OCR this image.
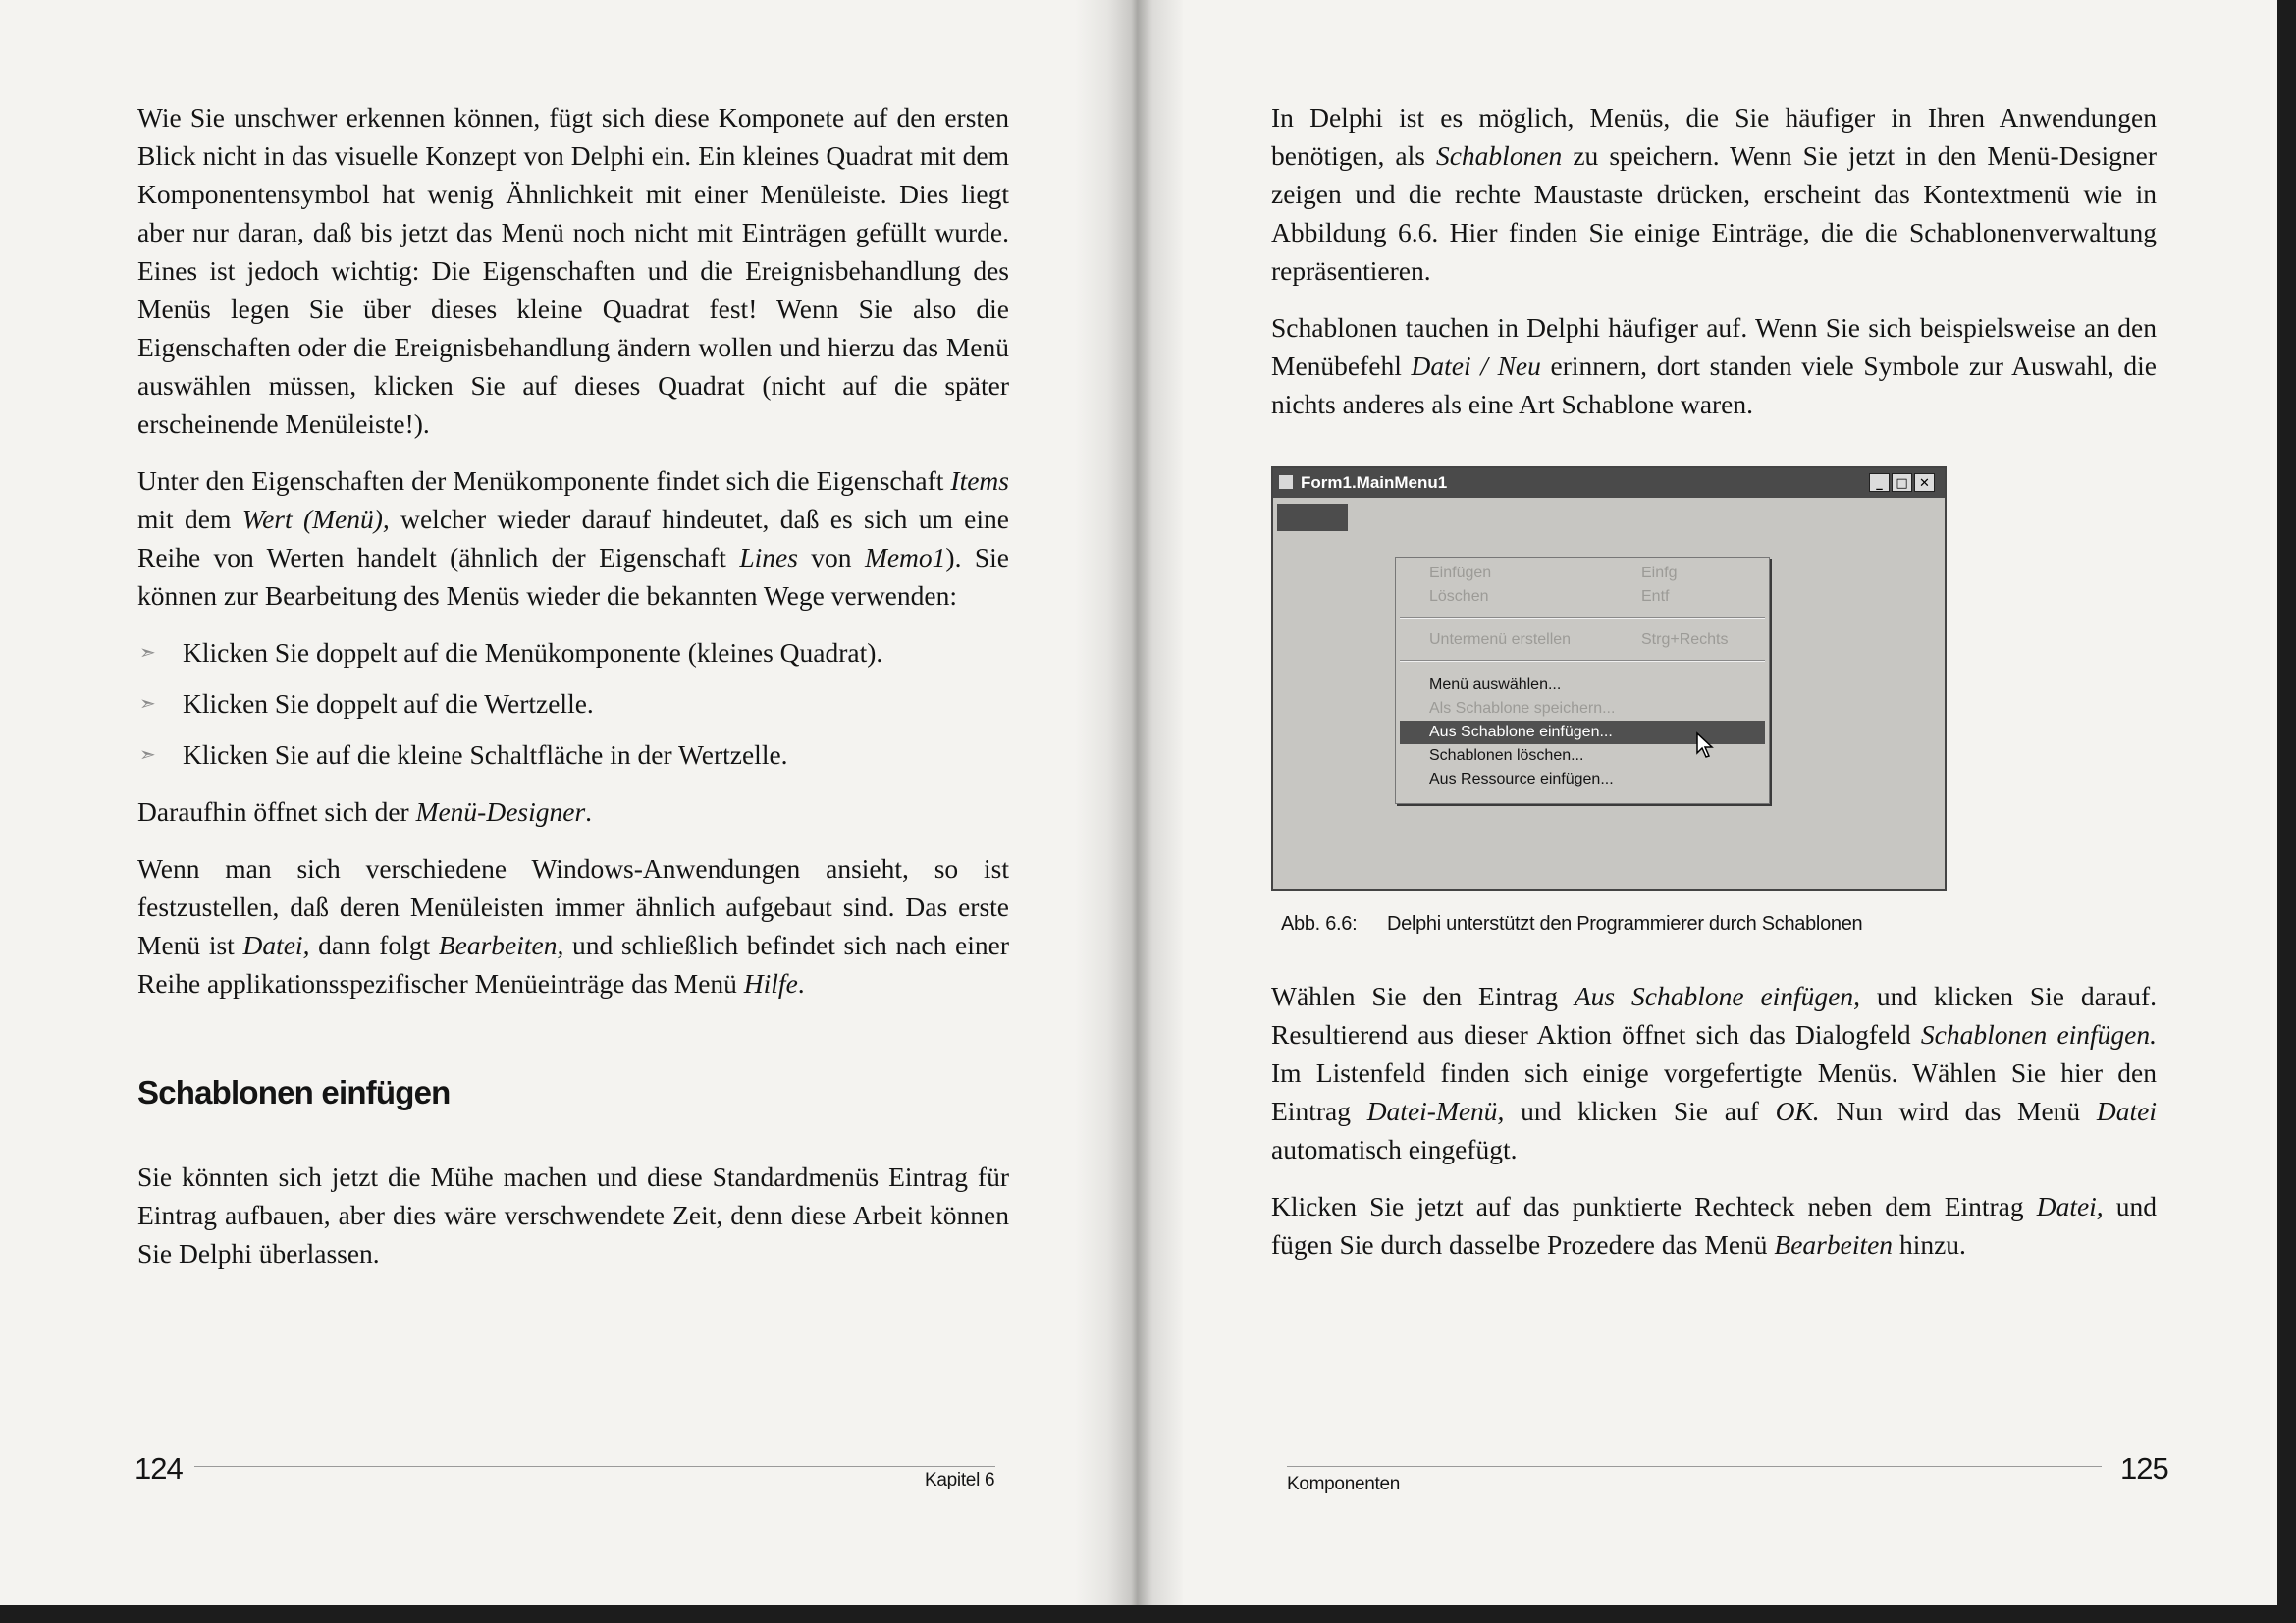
Wie Sie unschwer erkennen können, fügt sich diese Komponete auf den ersten Blick nicht in das visuelle Konzept von Delphi ein. Ein kleines Quadrat mit dem Komponentensymbol hat wenig Ähnlichkeit mit einer Menüleiste. Dies liegt aber nur daran, daß bis jetzt das Menü noch nicht mit Einträgen gefüllt wurde. Eines ist jedoch wichtig: Die Eigenschaften und die Ereignisbehandlung des Menüs legen Sie über dieses kleine Quadrat fest! Wenn Sie also die Eigenschaften oder die Ereignisbehandlung ändern wollen und hierzu das Menü auswählen müssen, klicken Sie auf dieses Quadrat (nicht auf die später erscheinende Menüleiste!).

Unter den Eigenschaften der Menükomponente findet sich die Eigenschaft Items mit dem Wert (Menü), welcher wieder darauf hindeutet, daß es sich um eine Reihe von Werten handelt (ähnlich der Eigenschaft Lines von Memo1). Sie können zur Bearbeitung des Menüs wieder die bekannten Wege verwenden:

➣ Klicken Sie doppelt auf die Menükomponente (kleines Quadrat).
➣ Klicken Sie doppelt auf die Wertzelle.
➣ Klicken Sie auf die kleine Schaltfläche in der Wertzelle.

Daraufhin öffnet sich der Menü-Designer.

Wenn man sich verschiedene Windows-Anwendungen ansieht, so ist festzustellen, daß deren Menüleisten immer ähnlich aufgebaut sind. Das erste Menü ist Datei, dann folgt Bearbeiten, und schließlich befindet sich nach einer Reihe applikationsspezifischer Menüeinträge das Menü Hilfe.

Schablonen einfügen

Sie könnten sich jetzt die Mühe machen und diese Standardmenüs Eintrag für Eintrag aufbauen, aber dies wäre verschwendete Zeit, denn diese Arbeit können Sie Delphi überlassen.

124	Kapitel 6

In Delphi ist es möglich, Menüs, die Sie häufiger in Ihren Anwendungen benötigen, als Schablonen zu speichern. Wenn Sie jetzt in den Menü-Designer zeigen und die rechte Maustaste drücken, erscheint das Kontextmenü wie in Abbildung 6.6. Hier finden Sie einige Einträge, die die Schablonenverwaltung repräsentieren.

Schablonen tauchen in Delphi häufiger auf. Wenn Sie sich beispielsweise an den Menübefehl Datei / Neu erinnern, dort standen viele Symbole zur Auswahl, die nichts anderes als eine Art Schablone waren.

Form1.MainMenu1	_	□ ✕
Einfügen	Einfg
Löschen	Entf
Untermenü erstellen	Strg+Rechts
Menü auswählen...
Als Schablone speichern...
Aus Schablone einfügen...
Schablonen löschen...
Aus Ressource einfügen...
Abb. 6.6: Delphi unterstützt den Programmierer durch Schablonen

Wählen Sie den Eintrag Aus Schablone einfügen, und klicken Sie darauf. Resultierend aus dieser Aktion öffnet sich das Dialogfeld Schablonen einfügen. Im Listenfeld finden sich einige vorgefertigte Menüs. Wählen Sie hier den Eintrag Datei-Menü, und klicken Sie auf OK. Nun wird das Menü Datei automatisch eingefügt.

Klicken Sie jetzt auf das punktierte Rechteck neben dem Eintrag Datei, und fügen Sie durch dasselbe Prozedere das Menü Bearbeiten hinzu.

Komponenten	125
